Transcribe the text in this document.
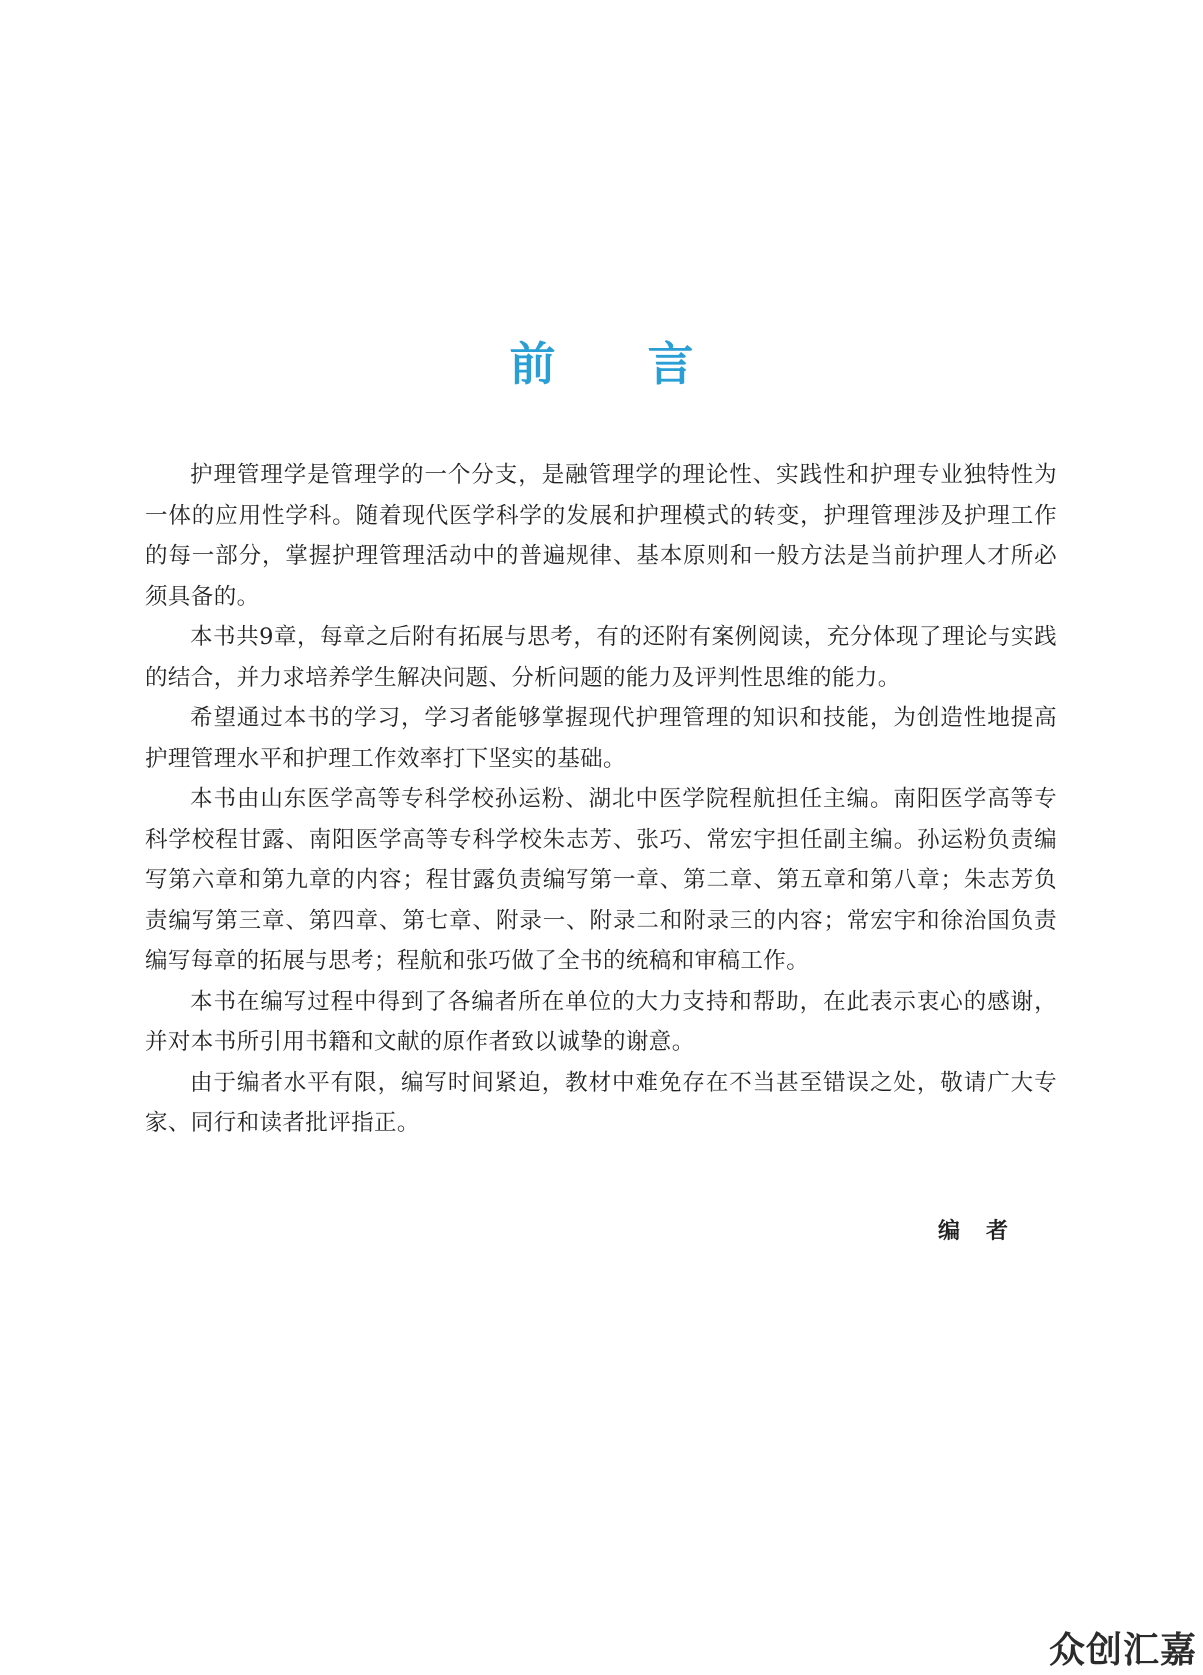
前言

护理管理学是管理学的一个分支，是融管理学的理论性、实践性和护理专业独特性为一体的应用性学科。随着现代医学科学的发展和护理模式的转变，护理管理涉及护理工作的每一部分，掌握护理管理活动中的普遍规律、基本原则和一般方法是当前护理人才所必须具备的。

本书共9章，每章之后附有拓展与思考，有的还附有案例阅读，充分体现了理论与实践的结合，并力求培养学生解决问题、分析问题的能力及评判性思维的能力。

希望通过本书的学习，学习者能够掌握现代护理管理的知识和技能，为创造性地提高护理管理水平和护理工作效率打下坚实的基础。

本书由山东医学高等专科学校孙运粉、湖北中医学院程航担任主编。南阳医学高等专科学校程甘露、南阳医学高等专科学校朱志芳、张巧、常宏宇担任副主编。孙运粉负责编写第六章和第九章的内容；程甘露负责编写第一章、第二章、第五章和第八章；朱志芳负责编写第三章、第四章、第七章、附录一、附录二和附录三的内容；常宏宇和徐治国负责编写每章的拓展与思考；程航和张巧做了全书的统稿和审稿工作。

本书在编写过程中得到了各编者所在单位的大力支持和帮助，在此表示衷心的感谢，并对本书所引用书籍和文献的原作者致以诚挚的谢意。

由于编者水平有限，编写时间紧迫，教材中难免存在不当甚至错误之处，敬请广大专家、同行和读者批评指正。

编者
众创汇嘉
